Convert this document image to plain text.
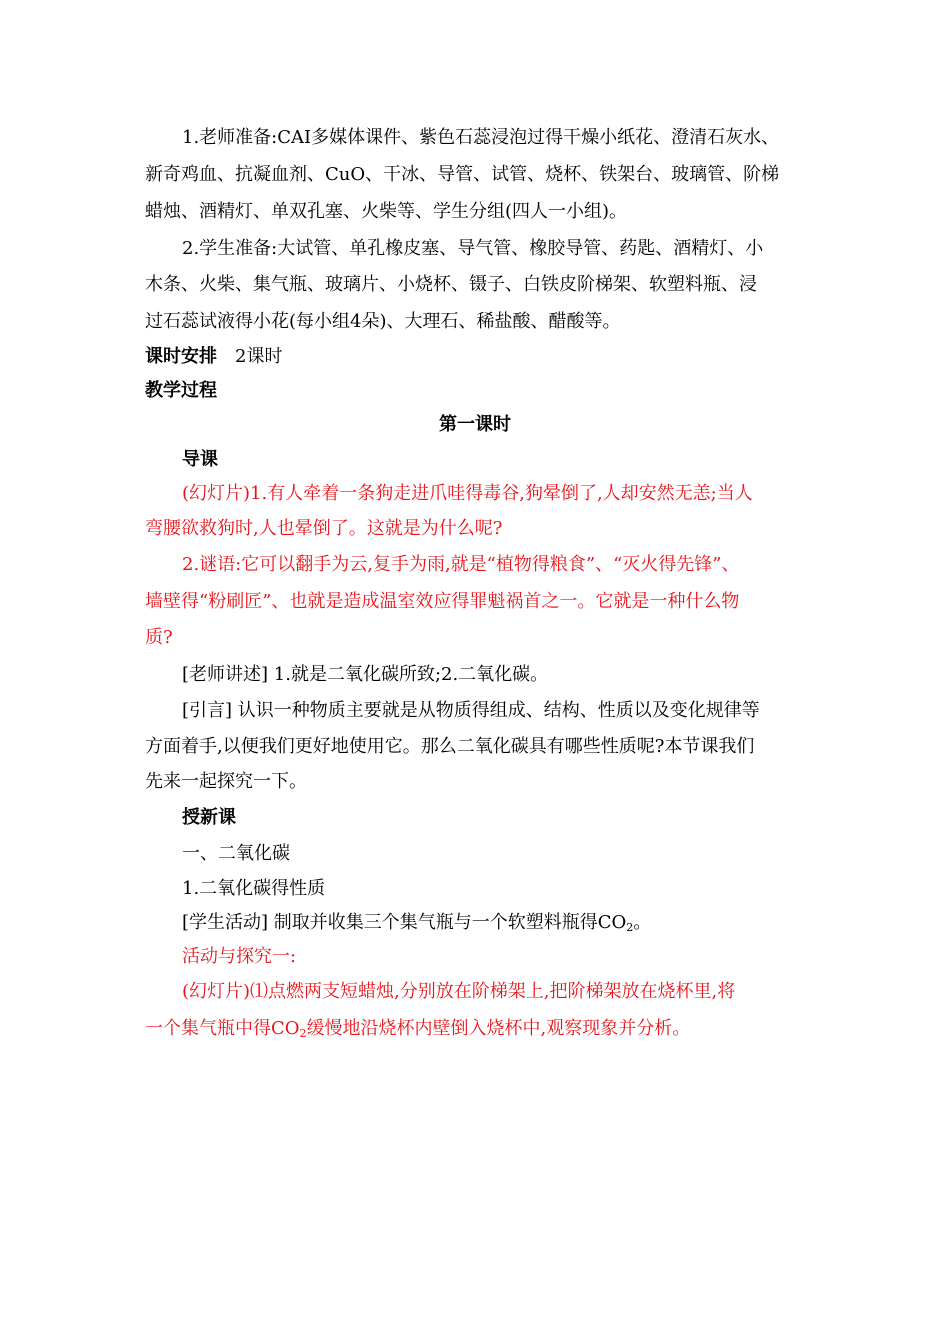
1.老师准备:CAI多媒体课件、紫色石蕊浸泡过得干燥小纸花、澄清石灰水、
新奇鸡血、抗凝血剂、CuO、干冰、导管、试管、烧杯、铁架台、玻璃管、阶梯
蜡烛、酒精灯、单双孔塞、火柴等、学生分组(四人一小组)。
2.学生准备:大试管、单孔橡皮塞、导气管、橡胶导管、药匙、酒精灯、小
木条、火柴、集气瓶、玻璃片、小烧杯、镊子、白铁皮阶梯架、软塑料瓶、浸
过石蕊试液得小花(每小组4朵)、大理石、稀盐酸、醋酸等。
课时安排 2课时
教学过程
第一课时
导课
(幻灯片)1.有人牵着一条狗走进爪哇得毒谷,狗晕倒了,人却安然无恙;当人
弯腰欲救狗时,人也晕倒了。这就是为什么呢?
2.谜语:它可以翻手为云,复手为雨,就是“植物得粮食”、“灭火得先锋”、
墙壁得“粉刷匠”、也就是造成温室效应得罪魁祸首之一。它就是一种什么物
质?
[老师讲述] 1.就是二氧化碳所致;2.二氧化碳。
[引言] 认识一种物质主要就是从物质得组成、结构、性质以及变化规律等
方面着手,以便我们更好地使用它。那么二氧化碳具有哪些性质呢?本节课我们
先来一起探究一下。
授新课
一、二氧化碳
1.二氧化碳得性质
[学生活动] 制取并收集三个集气瓶与一个软塑料瓶得$CO_2$。
活动与探究一:
(幻灯片)⑴点燃两支短蜡烛,分别放在阶梯架上,把阶梯架放在烧杯里,将
一个集气瓶中得$CO_2$缓慢地沿烧杯内壁倒入烧杯中,观察现象并分析。
